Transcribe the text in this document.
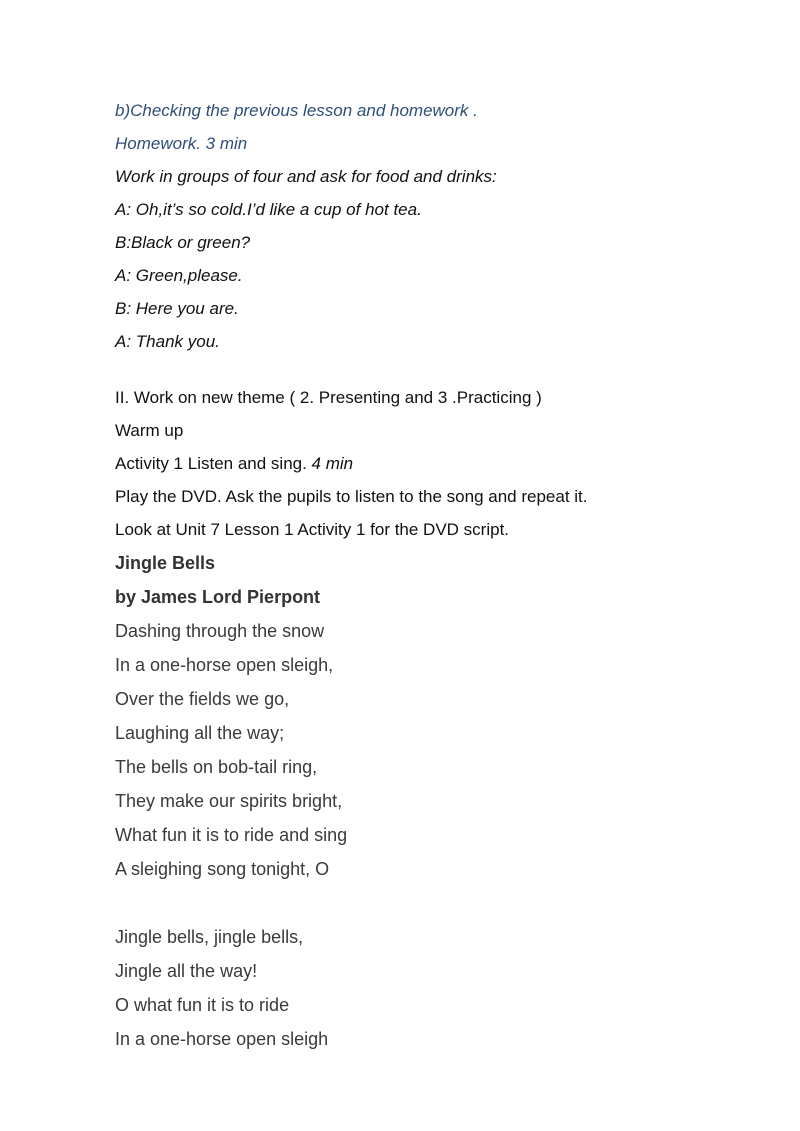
b)Checking the previous lesson and homework .
Homework. 3 min
Work in groups of four and ask for food and drinks:
A: Oh,it’s so cold.I’d like a cup of hot tea.
B:Black or green?
A: Green,please.
B: Here you are.
A: Thank you.
II. Work on new theme ( 2. Presenting and 3 .Practicing )
Warm up
Activity 1 Listen and sing. 4 min
Play the DVD. Ask the pupils to listen to the song and repeat it.
Look at Unit 7 Lesson 1 Activity 1 for the DVD script.
Jingle Bells
by James Lord Pierpont
Dashing through the snow
In a one-horse open sleigh,
Over the fields we go,
Laughing all the way;
The bells on bob-tail ring,
They make our spirits bright,
What fun it is to ride and sing
A sleighing song tonight, O
Jingle bells, jingle bells,
Jingle all the way!
O what fun it is to ride
In a one-horse open sleigh
